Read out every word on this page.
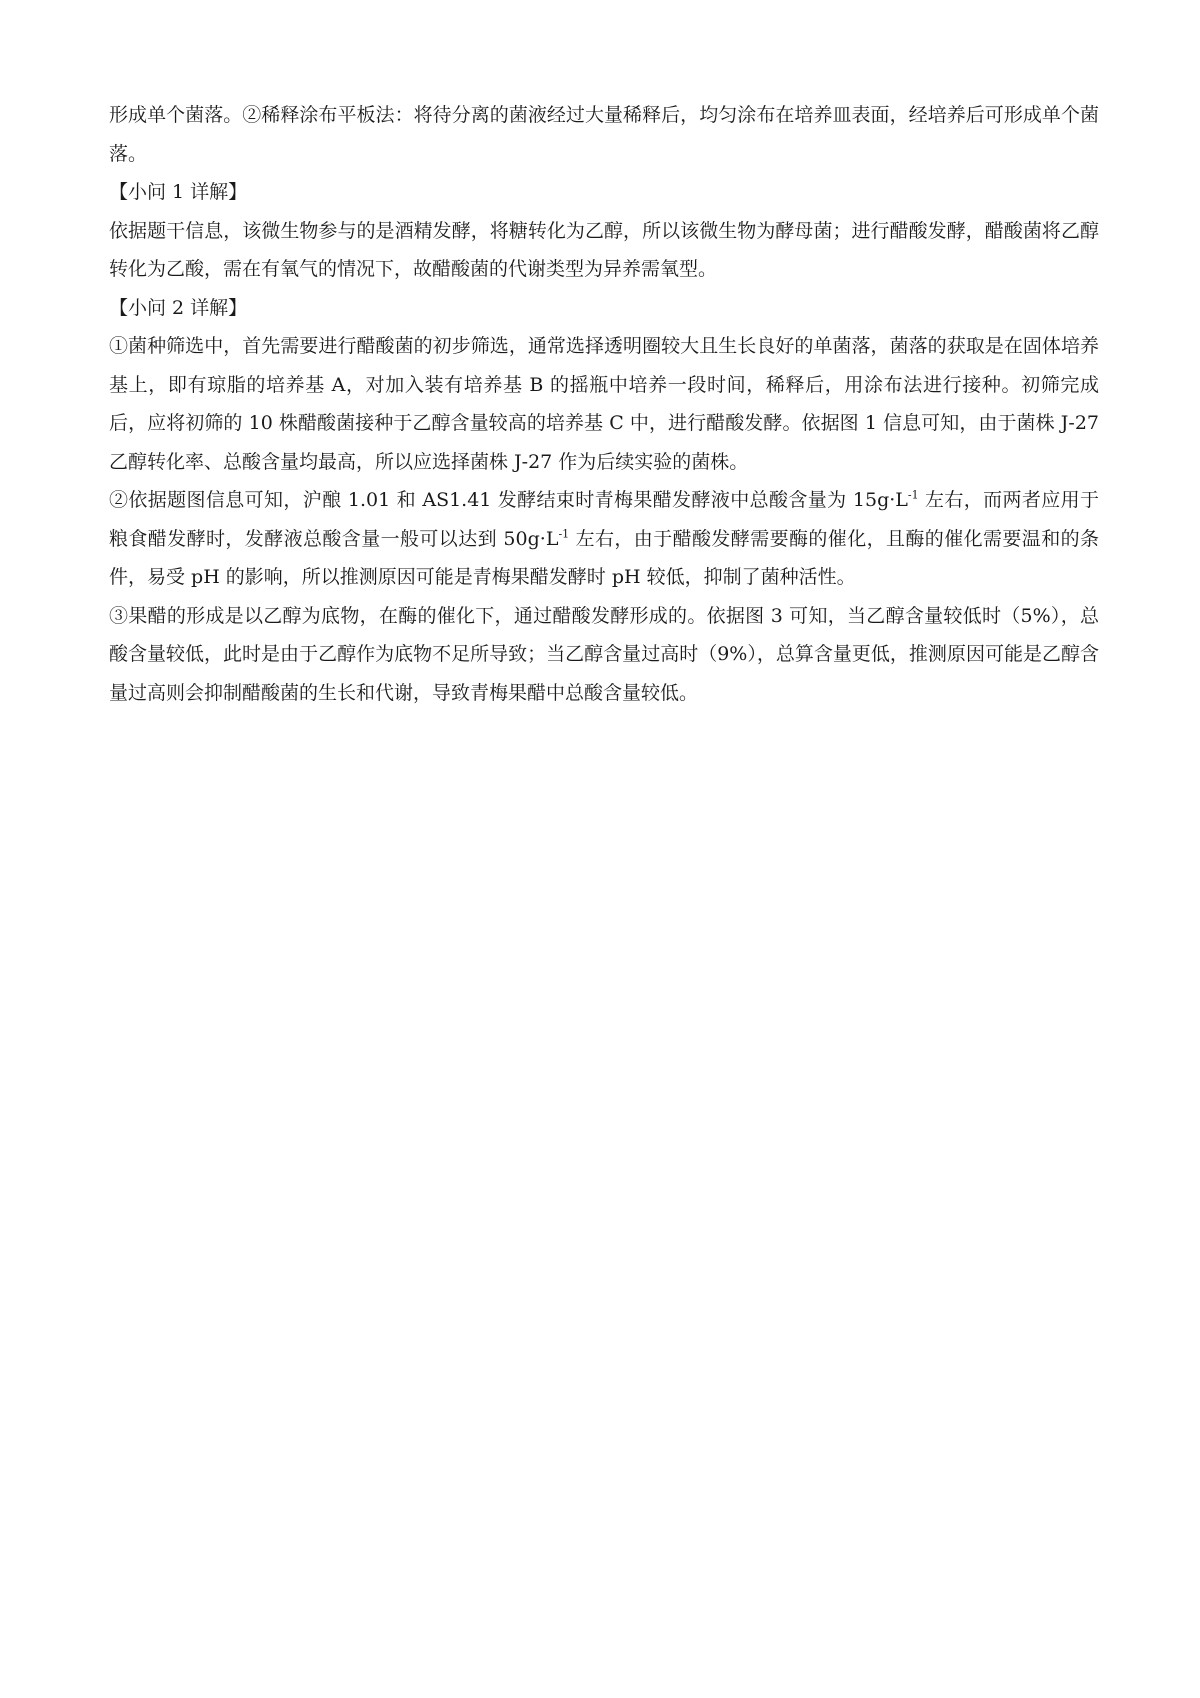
形成单个菌落。②稀释涂布平板法：将待分离的菌液经过大量稀释后，均匀涂布在培养皿表面，经培养后可形成单个菌落。

【小问 1 详解】

依据题干信息，该微生物参与的是酒精发酵，将糖转化为乙醇，所以该微生物为酵母菌；进行醋酸发酵，醋酸菌将乙醇转化为乙酸，需在有氧气的情况下，故醋酸菌的代谢类型为异养需氧型。

【小问 2 详解】

①菌种筛选中，首先需要进行醋酸菌的初步筛选，通常选择透明圈较大且生长良好的单菌落，菌落的获取是在固体培养基上，即有琼脂的培养基 A，对加入装有培养基 B 的摇瓶中培养一段时间，稀释后，用涂布法进行接种。初筛完成后，应将初筛的 10 株醋酸菌接种于乙醇含量较高的培养基 C 中，进行醋酸发酵。依据图 1 信息可知，由于菌株 J-27 乙醇转化率、总酸含量均最高，所以应选择菌株 J-27 作为后续实验的菌株。

②依据题图信息可知，沪酿 1.01 和 AS1.41 发酵结束时青梅果醋发酵液中总酸含量为 $15g\cdot L^{-1}$ 左右，而两者应用于粮食醋发酵时，发酵液总酸含量一般可以达到 $50g\cdot L^{-1}$ 左右，由于醋酸发酵需要酶的催化，且酶的催化需要温和的条件，易受 pH 的影响，所以推测原因可能是青梅果醋发酵时 pH 较低，抑制了菌种活性。

③果醋的形成是以乙醇为底物，在酶的催化下，通过醋酸发酵形成的。依据图 3 可知，当乙醇含量较低时（5%），总酸含量较低，此时是由于乙醇作为底物不足所导致；当乙醇含量过高时（9%），总算含量更低，推测原因可能是乙醇含量过高则会抑制醋酸菌的生长和代谢，导致青梅果醋中总酸含量较低。
